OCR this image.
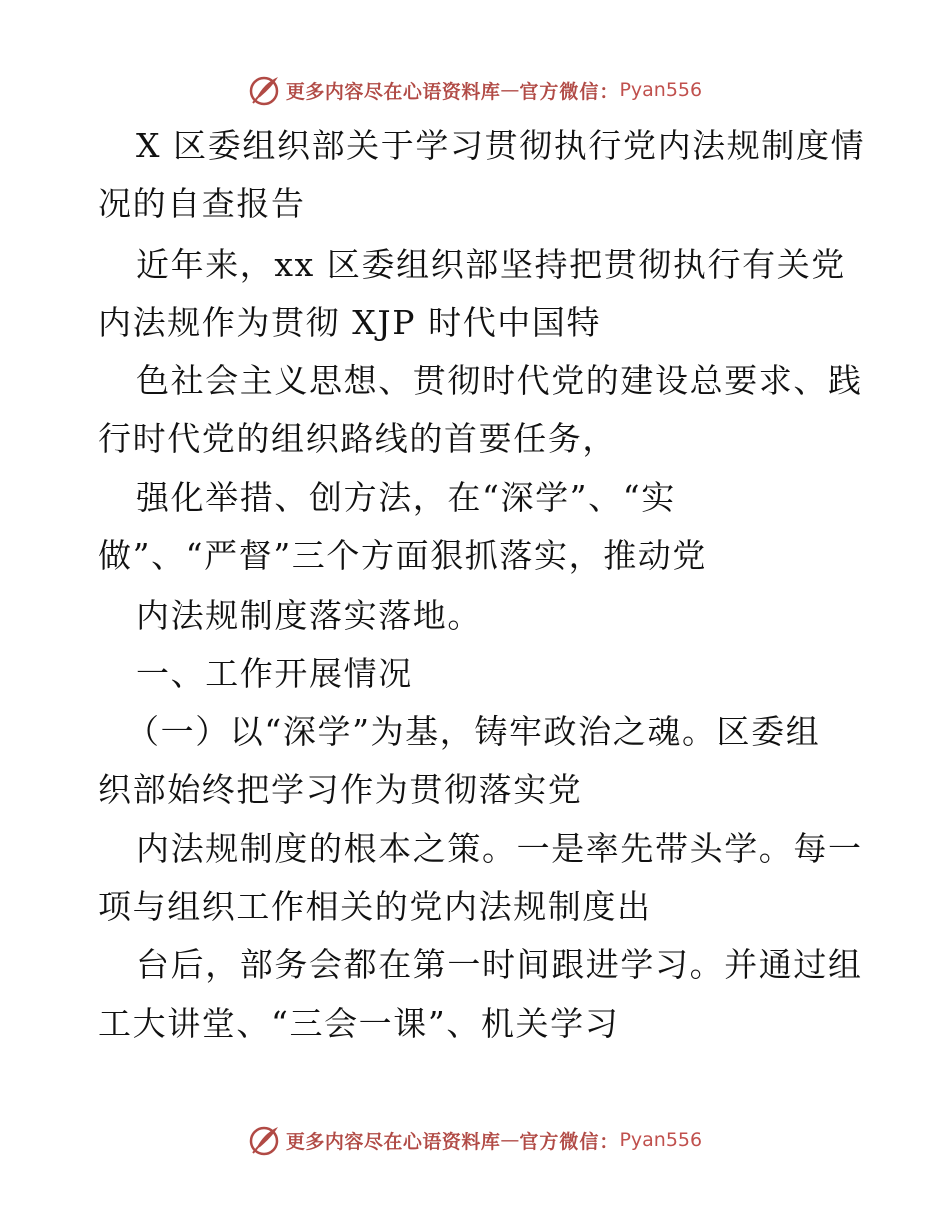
更多内容尽在心语资料库 — 官方微信： Pyan556
X 区委组织部关于学习贯彻执行党内法规制度情
况的自查报告
近年来，xx 区委组织部坚持把贯彻执行有关党
内法规作为贯彻 XJP 时代中国特
色社会主义思想、贯彻时代党的建设总要求、践
行时代党的组织路线的首要任务，
强化举措、创方法，在“深学”、“实
做”、“严督”三个方面狠抓落实，推动党
内法规制度落实落地。
一、工作开展情况
（一）以“深学”为基，铸牢政治之魂。区委组
织部始终把学习作为贯彻落实党
内法规制度的根本之策。一是率先带头学。每一
项与组织工作相关的党内法规制度出
台后，部务会都在第一时间跟进学习。并通过组
工大讲堂、“三会一课”、机关学习
更多内容尽在心语资料库 — 官方微信： Pyan556
